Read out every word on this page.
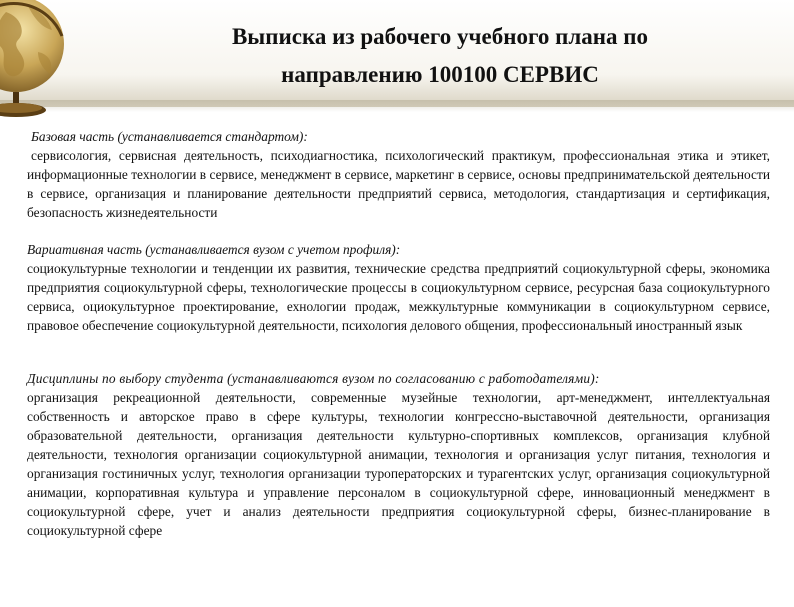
Выписка из рабочего учебного плана по
направлению 100100 СЕРВИС
Базовая часть (устанавливается стандартом):
сервисология, сервисная деятельность, психодиагностика, психологический практикум, профессиональная этика и этикет, информационные технологии в сервисе, менеджмент в сервисе, маркетинг в сервисе, основы предпринимательской деятельности в сервисе, организация и планирование деятельности предприятий сервиса, методология, стандартизация и сертификация, безопасность жизнедеятельности
Вариативная часть (устанавливается вузом с учетом профиля):
социокультурные технологии и тенденции их развития, технические средства предприятий социокультурной сферы, экономика предприятия социокультурной сферы, технологические процессы в социокультурном сервисе, ресурсная база социокультурного сервиса, оциокультурное проектирование, ехнологии продаж, межкультурные коммуникации в социокультурном сервисе, правовое обеспечение социокультурной деятельности, психология делового общения, профессиональный иностранный язык
Дисциплины по выбору студента (устанавливаются вузом по согласованию с работодателями):
организация рекреационной деятельности, современные музейные технологии, арт-менеджмент, интеллектуальная собственность и авторское право в сфере культуры, технологии конгрессно-выставочной деятельности, организация образовательной деятельности, организация деятельности культурно-спортивных комплексов, организация клубной деятельности, технология организации социокультурной анимации, технология и организация услуг питания, технология и организация гостиничных услуг, технология организации туроператорских и турагентских услуг, организация социокультурной анимации, корпоративная культура и управление персоналом в социокультурной сфере, инновационный менеджмент в социокультурной сфере, учет и анализ деятельности предприятия социокультурной сферы, бизнес-планирование в социокультурной сфере
